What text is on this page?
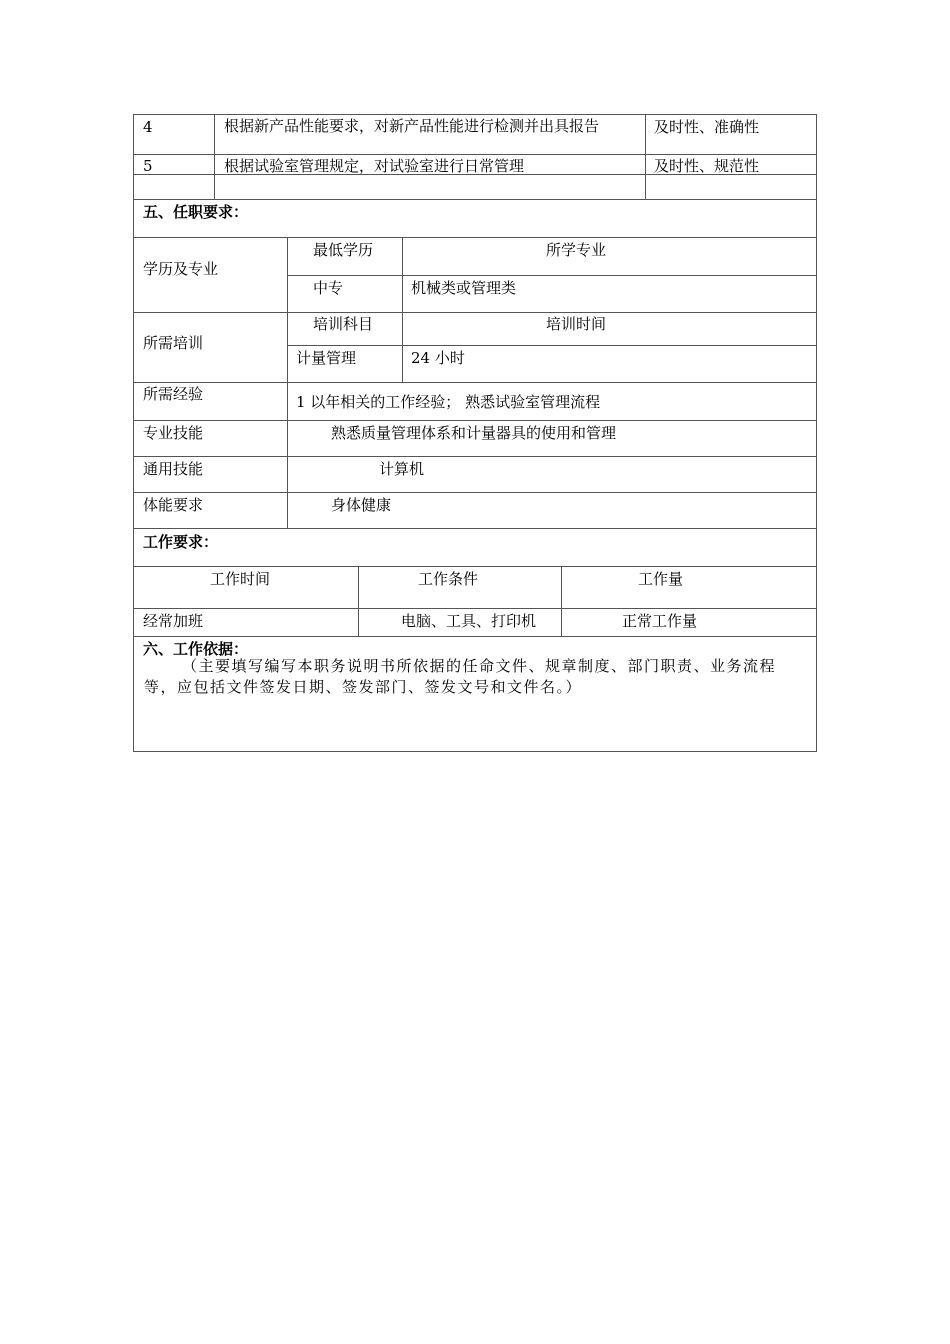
4	根据新产品性能要求，对新产品性能进行检测并出具报告	及时性、准确性
5	根据试验室管理规定，对试验室进行日常管理	及时性、规范性
五、任职要求：
学历及专业
最低学历	所学专业
中专	机械类或管理类
所需培训
培训科目	培训时间
计量管理	24 小时
所需经验	1 以年相关的工作经验； 熟悉试验室管理流程
专业技能	熟悉质量管理体系和计量器具的使用和管理
通用技能	计算机
体能要求	身体健康
工作要求：
工作时间	工作条件	工作量
经常加班	电脑、工具、打印机	正常工作量
六、工作依据：
（主要填写编写本职务说明书所依据的任命文件、规章制度、部门职责、业务流程等，应包括文件签发日期、签发部门、签发文号和文件名。）
